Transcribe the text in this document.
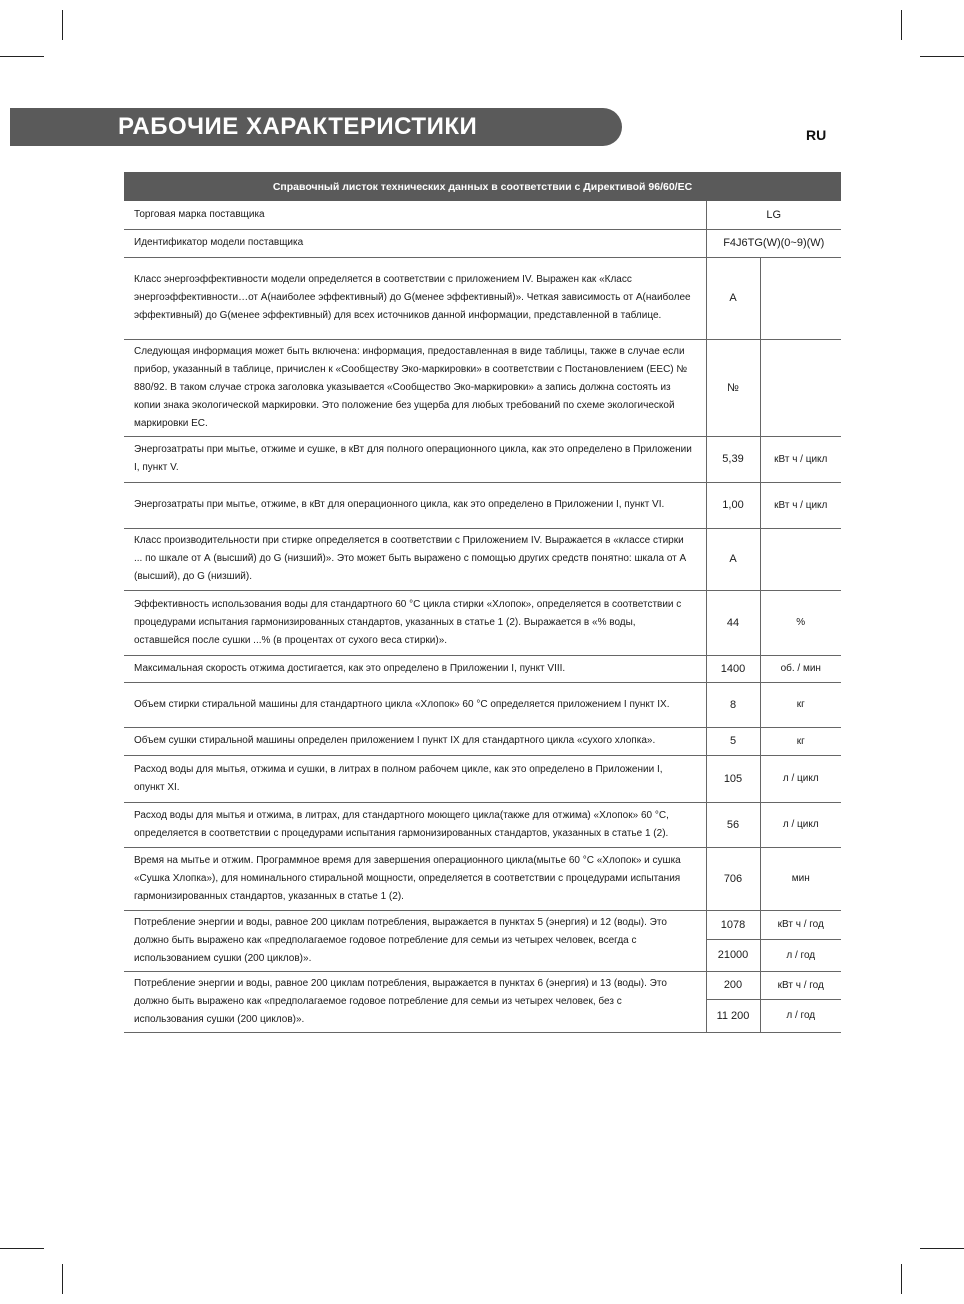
РАБОЧИЕ ХАРАКТЕРИСТИКИ	RU
Справочный листок технических данных в соответствии с Директивой 96/60/ЕС		
Торговая марка поставщика	LG	
Идентификатор модели поставщика	F4J6TG(W)(0~9)(W)	
Класс энергоэффективности модели определяется в соответствии с приложением IV. Выражен как «Класс энергоэффективности…от А(наиболее эффективный) до G(менее эффективный)». Четкая зависимость от А(наиболее эффективный) до G(менее эффективный) для всех источников данной информации, представленной в таблице.	A	
Следующая информация может быть включена: информация, предоставленная в виде таблицы, также в случае если прибор, указанный в таблице, причислен к «Сообществу Эко-маркировки» в соответствии с Постановлением (ЕЕС) № 880/92. В таком случае строка заголовка указывается «Сообщество Эко-маркировки» а запись должна состоять из копии знака экологической маркировки. Это положение без ущерба для любых требований по схеме экологической маркировки ЕС.	№	
Энергозатраты при мытье, отжиме и сушке, в кВт для полного операционного цикла, как это определено в Приложении I, пункт V.	5,39	кВт ч / цикл
Энергозатраты при мытье, отжиме, в кВт для операционного цикла, как это определено в Приложении I, пункт VI.	1,00	кВт ч / цикл
Класс производительности при стирке определяется в соответствии с Приложением IV. Выражается в «классе стирки ... по шкале от А (высший) до G (низший)». Это может быть выражено с помощью других средств понятно: шкала от А (высший), до G (низший).	A	
Эффективность использования воды для стандартного 60 °C цикла стирки «Хлопок», определяется в соответствии с процедурами испытания гармонизированных стандартов, указанных в статье 1 (2). Выражается в «% воды, оставшейся после сушки ...% (в процентах от сухого веса стирки)».	44	%
Максимальная скорость отжима достигается, как это определено в Приложении I, пункт VIII.	1400	об. / мин
Объем стирки стиральной машины для стандартного цикла «Хлопок» 60 °C определяется приложением I пункт IX.	8	кг
Объем сушки стиральной машины определен приложением I пункт IX для стандартного цикла «сухого хлопка».	5	кг
Расход воды для мытья, отжима и сушки, в литрах в полном рабочем цикле, как это определено в Приложении I, опункт XI.	105	л / цикл
Расход воды для мытья и отжима, в литрах, для стандартного моющего цикла(также для отжима) «Хлопок» 60 °C, определяется в соответствии с процедурами испытания гармонизированных стандартов, указанных в статье 1 (2).	56	л / цикл
Время на мытье и отжим. Программное время для завершения операционного цикла(мытье 60 °C «Хлопок» и сушка «Сушка Хлопка»), для номинального стиральной мощности, определяется в соответствии с процедурами испытания гармонизированных стандартов, указанных в статье 1 (2).	706	мин
Потребление энергии и воды, равное 200 циклам потребления, выражается в пунктах 5 (энергия) и 12 (воды). Это должно быть выражено как «предполагаемое годовое потребление для семьи из четырех человек, всегда с использованием сушки (200 циклов)».	1078	кВт ч / год
	21000	л / год
Потребление энергии и воды, равное 200 циклам потребления, выражается в пунктах 6 (энергия) и 13 (воды). Это должно быть выражено как «предполагаемое годовое потребление для семьи из четырех человек, без с использования сушки (200 циклов)».	200	кВт ч / год
	11 200	л / год
